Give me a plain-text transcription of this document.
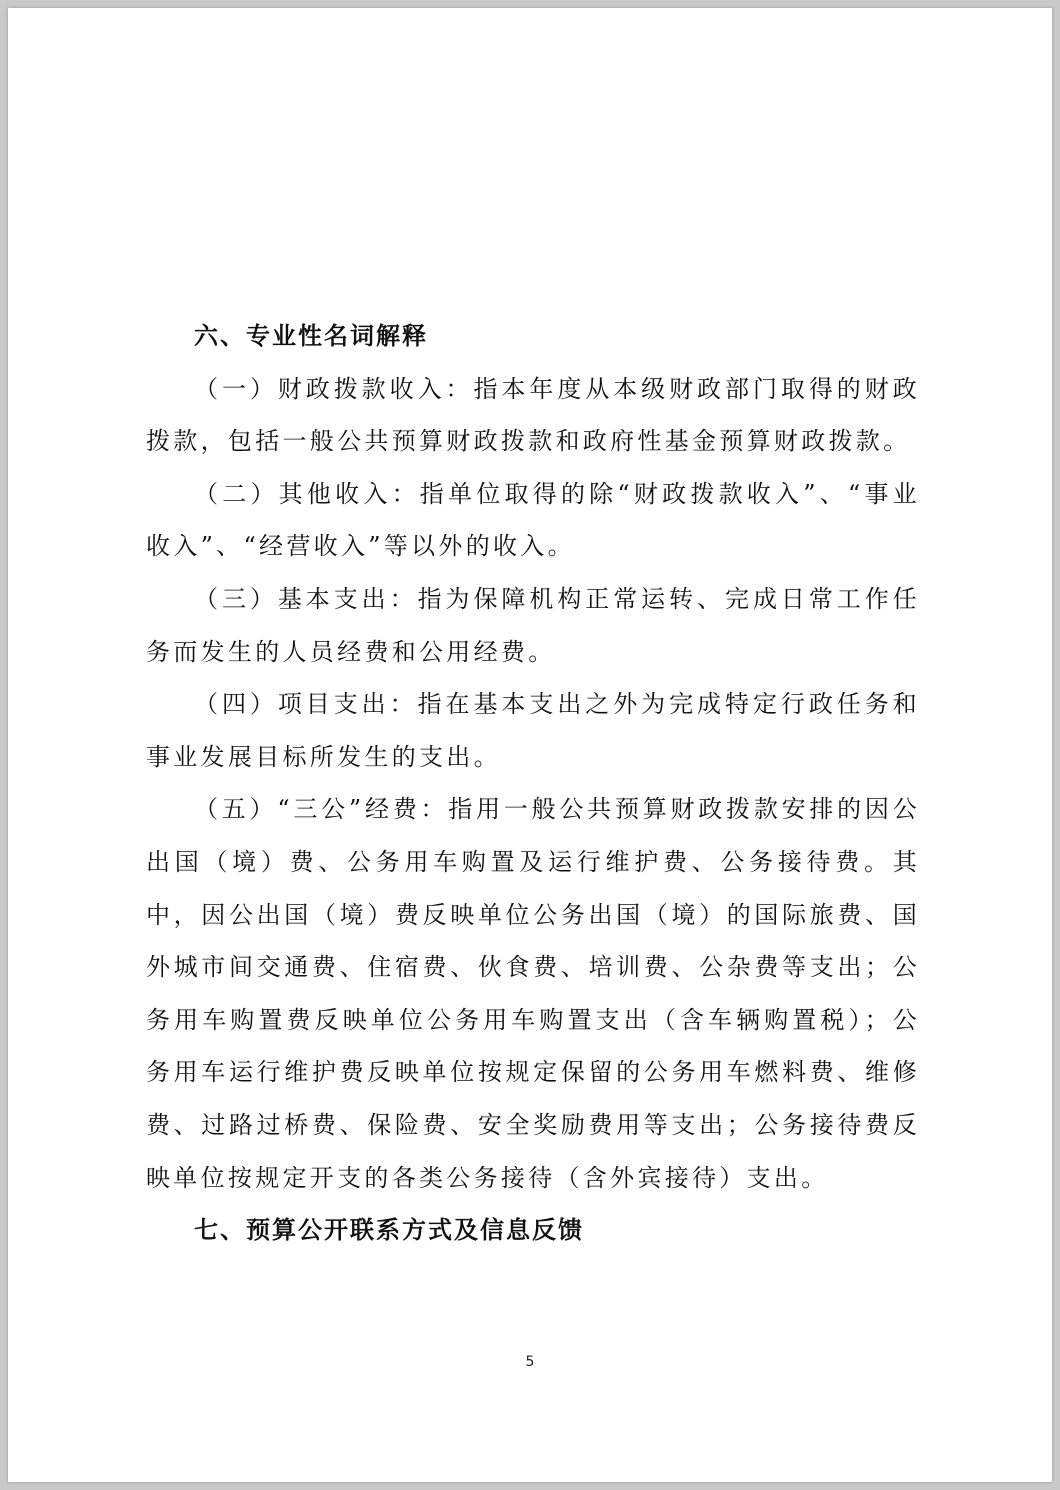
六、专业性名词解释

（一）财政拨款收入：指本年度从本级财政部门取得的财政拨款，包括一般公共预算财政拨款和政府性基金预算财政拨款。

（二）其他收入：指单位取得的除“财政拨款收入”、“事业收入”、“经营收入”等以外的收入。

（三）基本支出：指为保障机构正常运转、完成日常工作任务而发生的人员经费和公用经费。

（四）项目支出：指在基本支出之外为完成特定行政任务和事业发展目标所发生的支出。

（五）“三公”经费：指用一般公共预算财政拨款安排的因公出国（境）费、公务用车购置及运行维护费、公务接待费。其中，因公出国（境）费反映单位公务出国（境）的国际旅费、国外城市间交通费、住宿费、伙食费、培训费、公杂费等支出；公务用车购置费反映单位公务用车购置支出（含车辆购置税）；公务用车运行维护费反映单位按规定保留的公务用车燃料费、维修费、过路过桥费、保险费、安全奖励费用等支出；公务接待费反映单位按规定开支的各类公务接待（含外宾接待）支出。

七、预算公开联系方式及信息反馈

5
